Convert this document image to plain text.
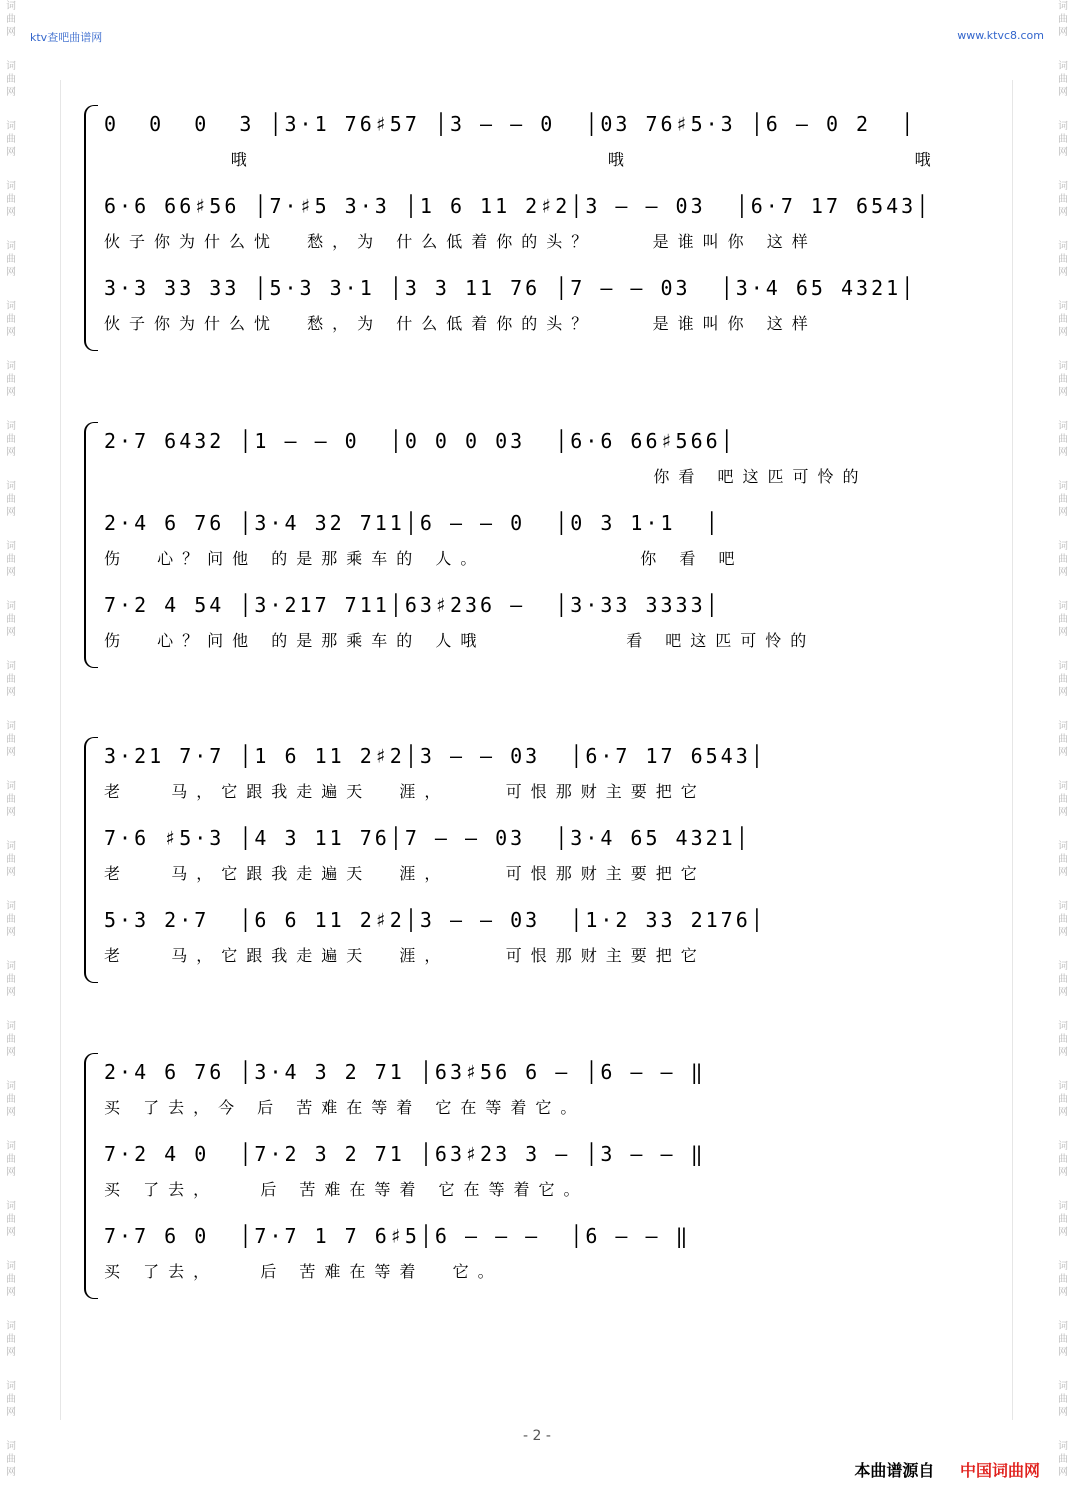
词曲网
词曲网
词曲网
词曲网
词曲网
词曲网
词曲网
词曲网
词曲网
词曲网
词曲网
词曲网
词曲网
词曲网
词曲网
词曲网
词曲网
词曲网
词曲网
词曲网
词曲网
词曲网
词曲网
词曲网
词曲网
词曲网
词曲网
词曲网
词曲网
词曲网
词曲网
词曲网
词曲网
词曲网
词曲网
词曲网
词曲网
词曲网
词曲网
词曲网
词曲网
词曲网
词曲网
词曲网
词曲网
词曲网
词曲网
词曲网
词曲网
词曲网
ktv查吧曲谱网	www.ktvc8.com
0  0  0  3 │3·1 76♯57 │3 – – 0  │03 76♯5·3 │6 – 0 2  │
哦                         哦                    哦
6·6 66♯56 │7·♯5 3·3 │1 6 11 2♯2│3 – – 03  │6·7 17 6543│
伙子你为什么忧  愁，为 什么低着你的头？    是谁叫你 这样
3·3 33 33 │5·3 3·1 │3 3 11 76 │7 – – 03  │3·4 65 4321│
伙子你为什么忧  愁，为 什么低着你的头？    是谁叫你 这样
2·7 6432 │1 – – 0  │0 0 0 03  │6·6 66♯566│
你看 吧这匹可怜的
2·4 6 76 │3·4 32 711│6 – – 0  │0 3 1·1  │
伤  心？问他 的是那乘车的 人。           你 看 吧
7·2 4 54 │3·217 711│63♯236 –  │3·33 3333│
伤  心？问他 的是那乘车的 人哦          看 吧这匹可怜的
3·21 7·7 │1 6 11 2♯2│3 – – 03  │6·7 17 6543│
老   马，它跟我走遍天  涯，    可恨那财主要把它
7·6 ♯5·3 │4 3 11 76│7 – – 03  │3·4 65 4321│
老   马，它跟我走遍天  涯，    可恨那财主要把它
5·3 2·7  │6 6 11 2♯2│3 – – 03  │1·2 33 2176│
老   马，它跟我走遍天  涯，    可恨那财主要把它
2·4 6 76 │3·4 3 2 71 │63♯56 6 – │6 – – ‖
买 了去，今 后 苦难在等着 它在等着它。
7·2 4 0  │7·2 3 2 71 │63♯23 3 – │3 – – ‖
买 了去，   后 苦难在等着 它在等着它。
7·7 6 0  │7·7 1 7 6♯5│6 – – –  │6 – – ‖
买 了去，   后 苦难在等着  它。
- 2 -
本曲谱源自 中国词曲网
